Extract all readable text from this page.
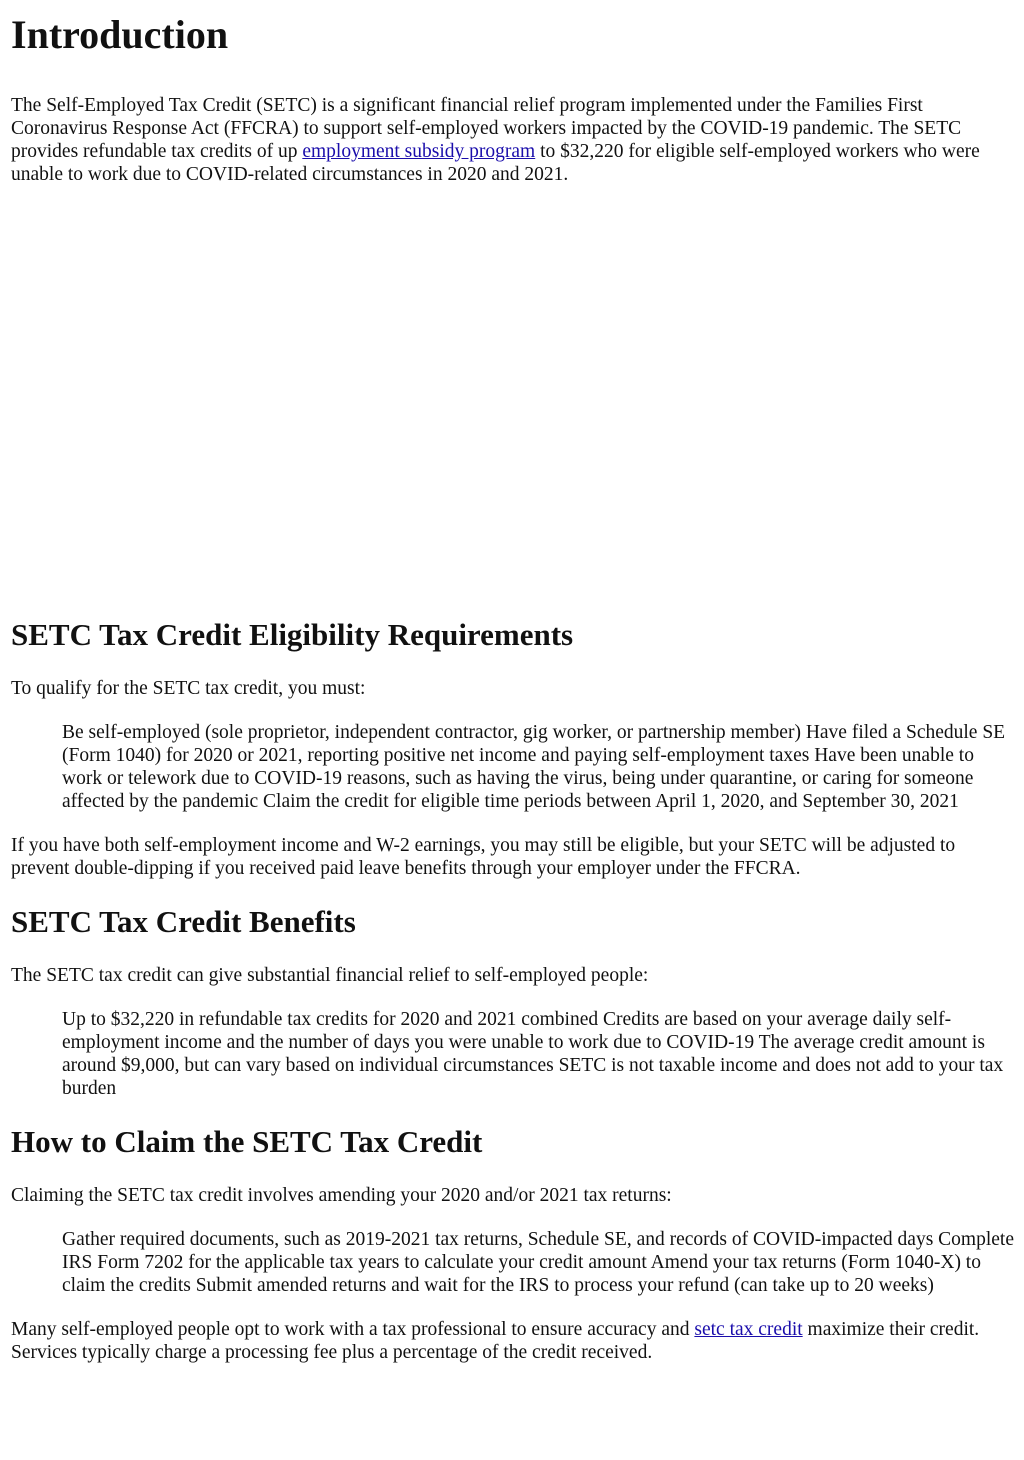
Introduction

The Self-Employed Tax Credit (SETC) is a significant financial relief program implemented under the Families First Coronavirus Response Act (FFCRA) to support self-employed workers impacted by the COVID-19 pandemic. The SETC provides refundable tax credits of up employment subsidy program to $32,220 for eligible self-employed workers who were unable to work due to COVID-related circumstances in 2020 and 2021.

SETC Tax Credit Eligibility Requirements

To qualify for the SETC tax credit, you must:

Be self-employed (sole proprietor, independent contractor, gig worker, or partnership member) Have filed a Schedule SE (Form 1040) for 2020 or 2021, reporting positive net income and paying self-employment taxes Have been unable to work or telework due to COVID-19 reasons, such as having the virus, being under quarantine, or caring for someone affected by the pandemic Claim the credit for eligible time periods between April 1, 2020, and September 30, 2021

If you have both self-employment income and W-2 earnings, you may still be eligible, but your SETC will be adjusted to prevent double-dipping if you received paid leave benefits through your employer under the FFCRA.

SETC Tax Credit Benefits

The SETC tax credit can give substantial financial relief to self-employed people:

Up to $32,220 in refundable tax credits for 2020 and 2021 combined Credits are based on your average daily self-employment income and the number of days you were unable to work due to COVID-19 The average credit amount is around $9,000, but can vary based on individual circumstances SETC is not taxable income and does not add to your tax burden
How to Claim the SETC Tax Credit

Claiming the SETC tax credit involves amending your 2020 and/or 2021 tax returns:

Gather required documents, such as 2019-2021 tax returns, Schedule SE, and records of COVID-impacted days Complete IRS Form 7202 for the applicable tax years to calculate your credit amount Amend your tax returns (Form 1040-X) to claim the credits Submit amended returns and wait for the IRS to process your refund (can take up to 20 weeks)

Many self-employed people opt to work with a tax professional to ensure accuracy and setc tax credit maximize their credit. Services typically charge a processing fee plus a percentage of the credit received.
